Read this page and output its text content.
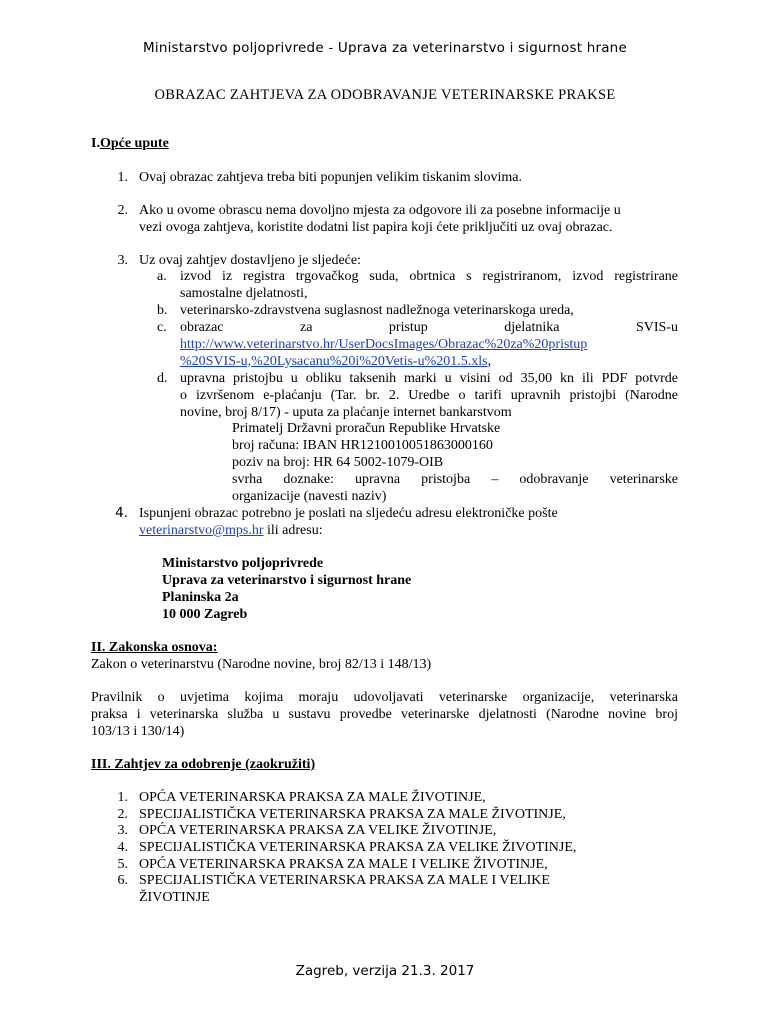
Ministarstvo poljoprivrede - Uprava za veterinarstvo i sigurnost hrane
OBRAZAC ZAHTJEVA ZA ODOBRAVANJE VETERINARSKE PRAKSE
I.Opće upute
1. Ovaj obrazac zahtjeva treba biti popunjen velikim tiskanim slovima.
2. Ako u ovome obrascu nema dovoljno mjesta za odgovore ili za posebne informacije u
vezi ovoga zahtjeva, koristite dodatni list papira koji ćete priključiti uz ovaj obrazac.
3. Uz ovaj zahtjev dostavljeno je sljedeće:
a. izvod iz registra trgovačkog suda, obrtnica s registriranom, izvod registrirane
samostalne djelatnosti,
b. veterinarsko-zdravstvena suglasnost nadležnoga veterinarskoga ureda,
c. obrazac	za	pristup	djelatnika	SVIS-u
http://www.veterinarstvo.hr/UserDocsImages/Obrazac%20za%20pristup
%20SVIS-u,%20Lysacanu%20i%20Vetis-u%201.5.xls,
d. upravna pristojbu u obliku taksenih marki u visini od 35,00 kn ili PDF potvrde
o izvršenom e-plaćanju (Tar. br. 2. Uredbe o tarifi upravnih pristojbi (Narodne
novine, broj 8/17) - uputa za plaćanje internet bankarstvom
Primatelj Državni proračun Republike Hrvatske
broj računa: IBAN HR1210010051863000160
poziv na broj: HR 64 5002-1079-OIB
svrha doznake: upravna pristojba – odobravanje veterinarske
organizacije (navesti naziv)
4. Ispunjeni obrazac potrebno je poslati na sljedeću adresu elektroničke pošte
veterinarstvo@mps.hr ili adresu:
Ministarstvo poljoprivrede
Uprava za veterinarstvo i sigurnost hrane
Planinska 2a
10 000 Zagreb
II. Zakonska osnova:
Zakon o veterinarstvu (Narodne novine, broj 82/13 i 148/13)
Pravilnik o uvjetima kojima moraju udovoljavati veterinarske organizacije, veterinarska
praksa i veterinarska služba u sustavu provedbe veterinarske djelatnosti (Narodne novine broj
103/13 i 130/14)
III. Zahtjev za odobrenje (zaokružiti)
1. OPĆA VETERINARSKA PRAKSA ZA MALE ŽIVOTINJE,
2. SPECIJALISTIČKA VETERINARSKA PRAKSA ZA MALE ŽIVOTINJE,
3. OPĆA VETERINARSKA PRAKSA ZA VELIKE ŽIVOTINJE,
4. SPECIJALISTIČKA VETERINARSKA PRAKSA ZA VELIKE ŽIVOTINJE,
5. OPĆA VETERINARSKA PRAKSA ZA MALE I VELIKE ŽIVOTINJE,
6. SPECIJALISTIČKA VETERINARSKA PRAKSA ZA MALE I VELIKE
ŽIVOTINJE
Zagreb, verzija 21.3. 2017
